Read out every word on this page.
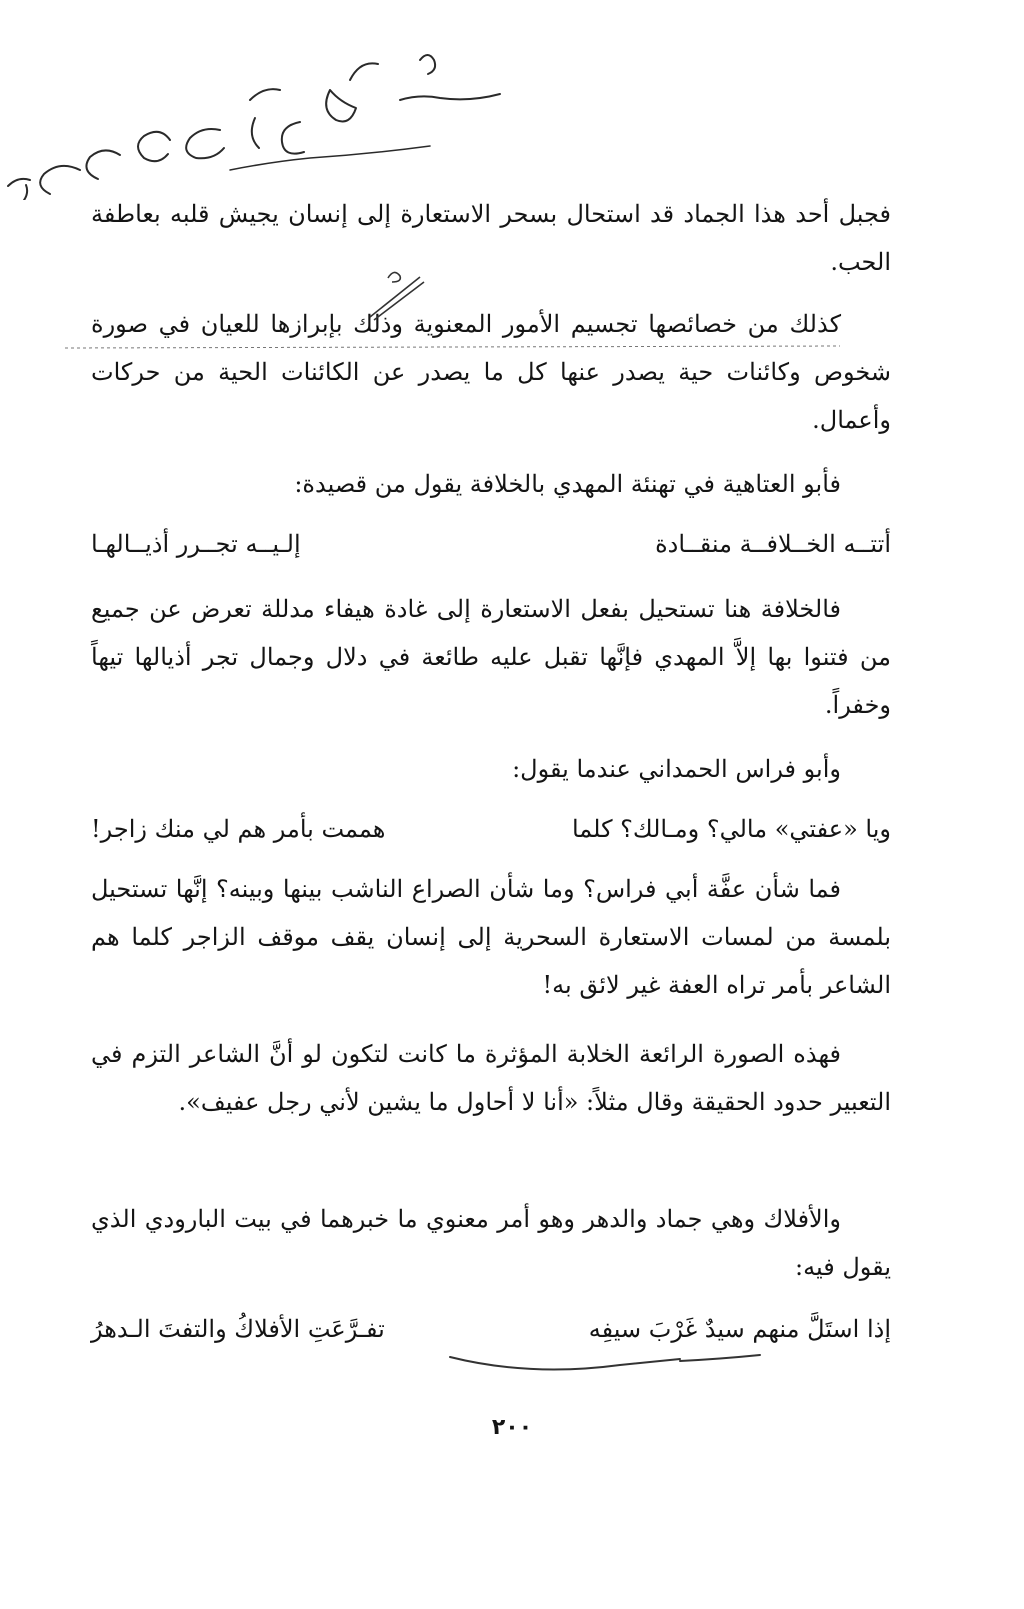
فجبل أحد هذا الجماد قد استحال بسحر الاستعارة إلى إنسان يجيش قلبه بعاطفة الحب.
كذلك من خصائصها تجسيم الأمور المعنوية وذلك بإبرازها للعيان في صورة شخوص وكائنات حية يصدر عنها كل ما يصدر عن الكائنات الحية من حركات وأعمال.
فأبو العتاهية في تهنئة المهدي بالخلافة يقول من قصيدة:
أتتــه الخــلافــة منقــادة
إلـيــه تجــرر أذيــالهـا
فالخلافة هنا تستحيل بفعل الاستعارة إلى غادة هيفاء مدللة تعرض عن جميع من فتنوا بها إلاَّ المهدي فإنَّها تقبل عليه طائعة في دلال وجمال تجر أذيالها تيهاً وخفراً.
وأبو فراس الحمداني عندما يقول:
ويا «عفتي» مالي؟ ومـالك؟ كلما
هممت بأمر هم لي منك زاجر!
فما شأن عفَّة أبي فراس؟ وما شأن الصراع الناشب بينها وبينه؟ إنَّها تستحيل بلمسة من لمسات الاستعارة السحرية إلى إنسان يقف موقف الزاجر كلما هم الشاعر بأمر تراه العفة غير لائق به!
فهذه الصورة الرائعة الخلابة المؤثرة ما كانت لتكون لو أنَّ الشاعر التزم في التعبير حدود الحقيقة وقال مثلاً: «أنا لا أحاول ما يشين لأني رجل عفيف».
والأفلاك وهي جماد والدهر وهو أمر معنوي ما خبرهما في بيت البارودي الذي يقول فيه:
إذا استَلَّ منهم سيدٌ غَرْبَ سيفِه
تفـرَّعَتِ الأفلاكُ والتفتَ الـدهرُ
٢٠٠
